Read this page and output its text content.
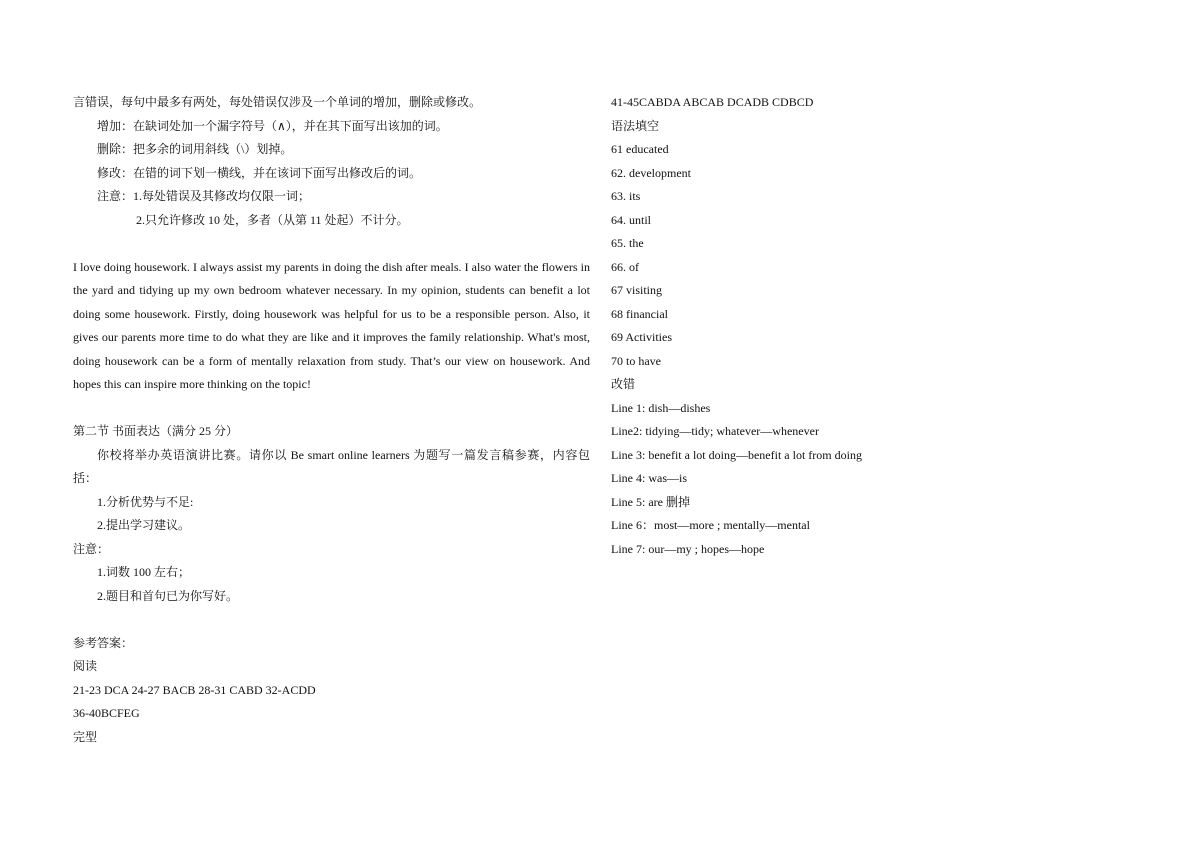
言错误，每句中最多有两处，每处错误仅涉及一个单词的增加，删除或修改。
增加：在缺词处加一个漏字符号（∧），并在其下面写出该加的词。
删除：把多余的词用斜线（\）划掉。
修改：在错的词下划一横线，并在该词下面写出修改后的词。
注意：1.每处错误及其修改均仅限一词；
2.只允许修改 10 处，多者（从第 11 处起）不计分。
I love doing housework. I always assist my parents in doing the dish after meals. I also water the flowers in the yard and tidying up my own bedroom whatever necessary. In my opinion, students can benefit a lot doing some housework. Firstly, doing housework was helpful for us to be a responsible person. Also, it gives our parents more time to do what they are like and it improves the family relationship. What's most, doing housework can be a form of mentally relaxation from study. That’s our view on housework. And hopes this can inspire more thinking on the topic!
第二节 书面表达（满分 25 分）
你校将举办英语演讲比赛。请你以 Be smart online learners 为题写一篇发言稿参赛，内容包括：
1.分析优势与不足:
2.提出学习建议。
注意：
1.词数 100 左右；
2.题目和首句已为你写好。
参考答案：
阅读
21-23 DCA 24-27 BACB 28-31 CABD 32-ACDD
36-40BCFEG
完型
41-45CABDA ABCAB DCADB CDBCD
语法填空
61 educated
62. development
63. its
64. until
65. the
66. of
67 visiting
68 financial
69 Activities
70 to have
改错
Line 1: dish—dishes
Line2: tidying—tidy; whatever—whenever
Line 3: benefit a lot doing—benefit a lot from doing
Line 4: was—is
Line 5: are 删掉
Line 6：most—more ; mentally—mental
Line 7: our—my ; hopes—hope
